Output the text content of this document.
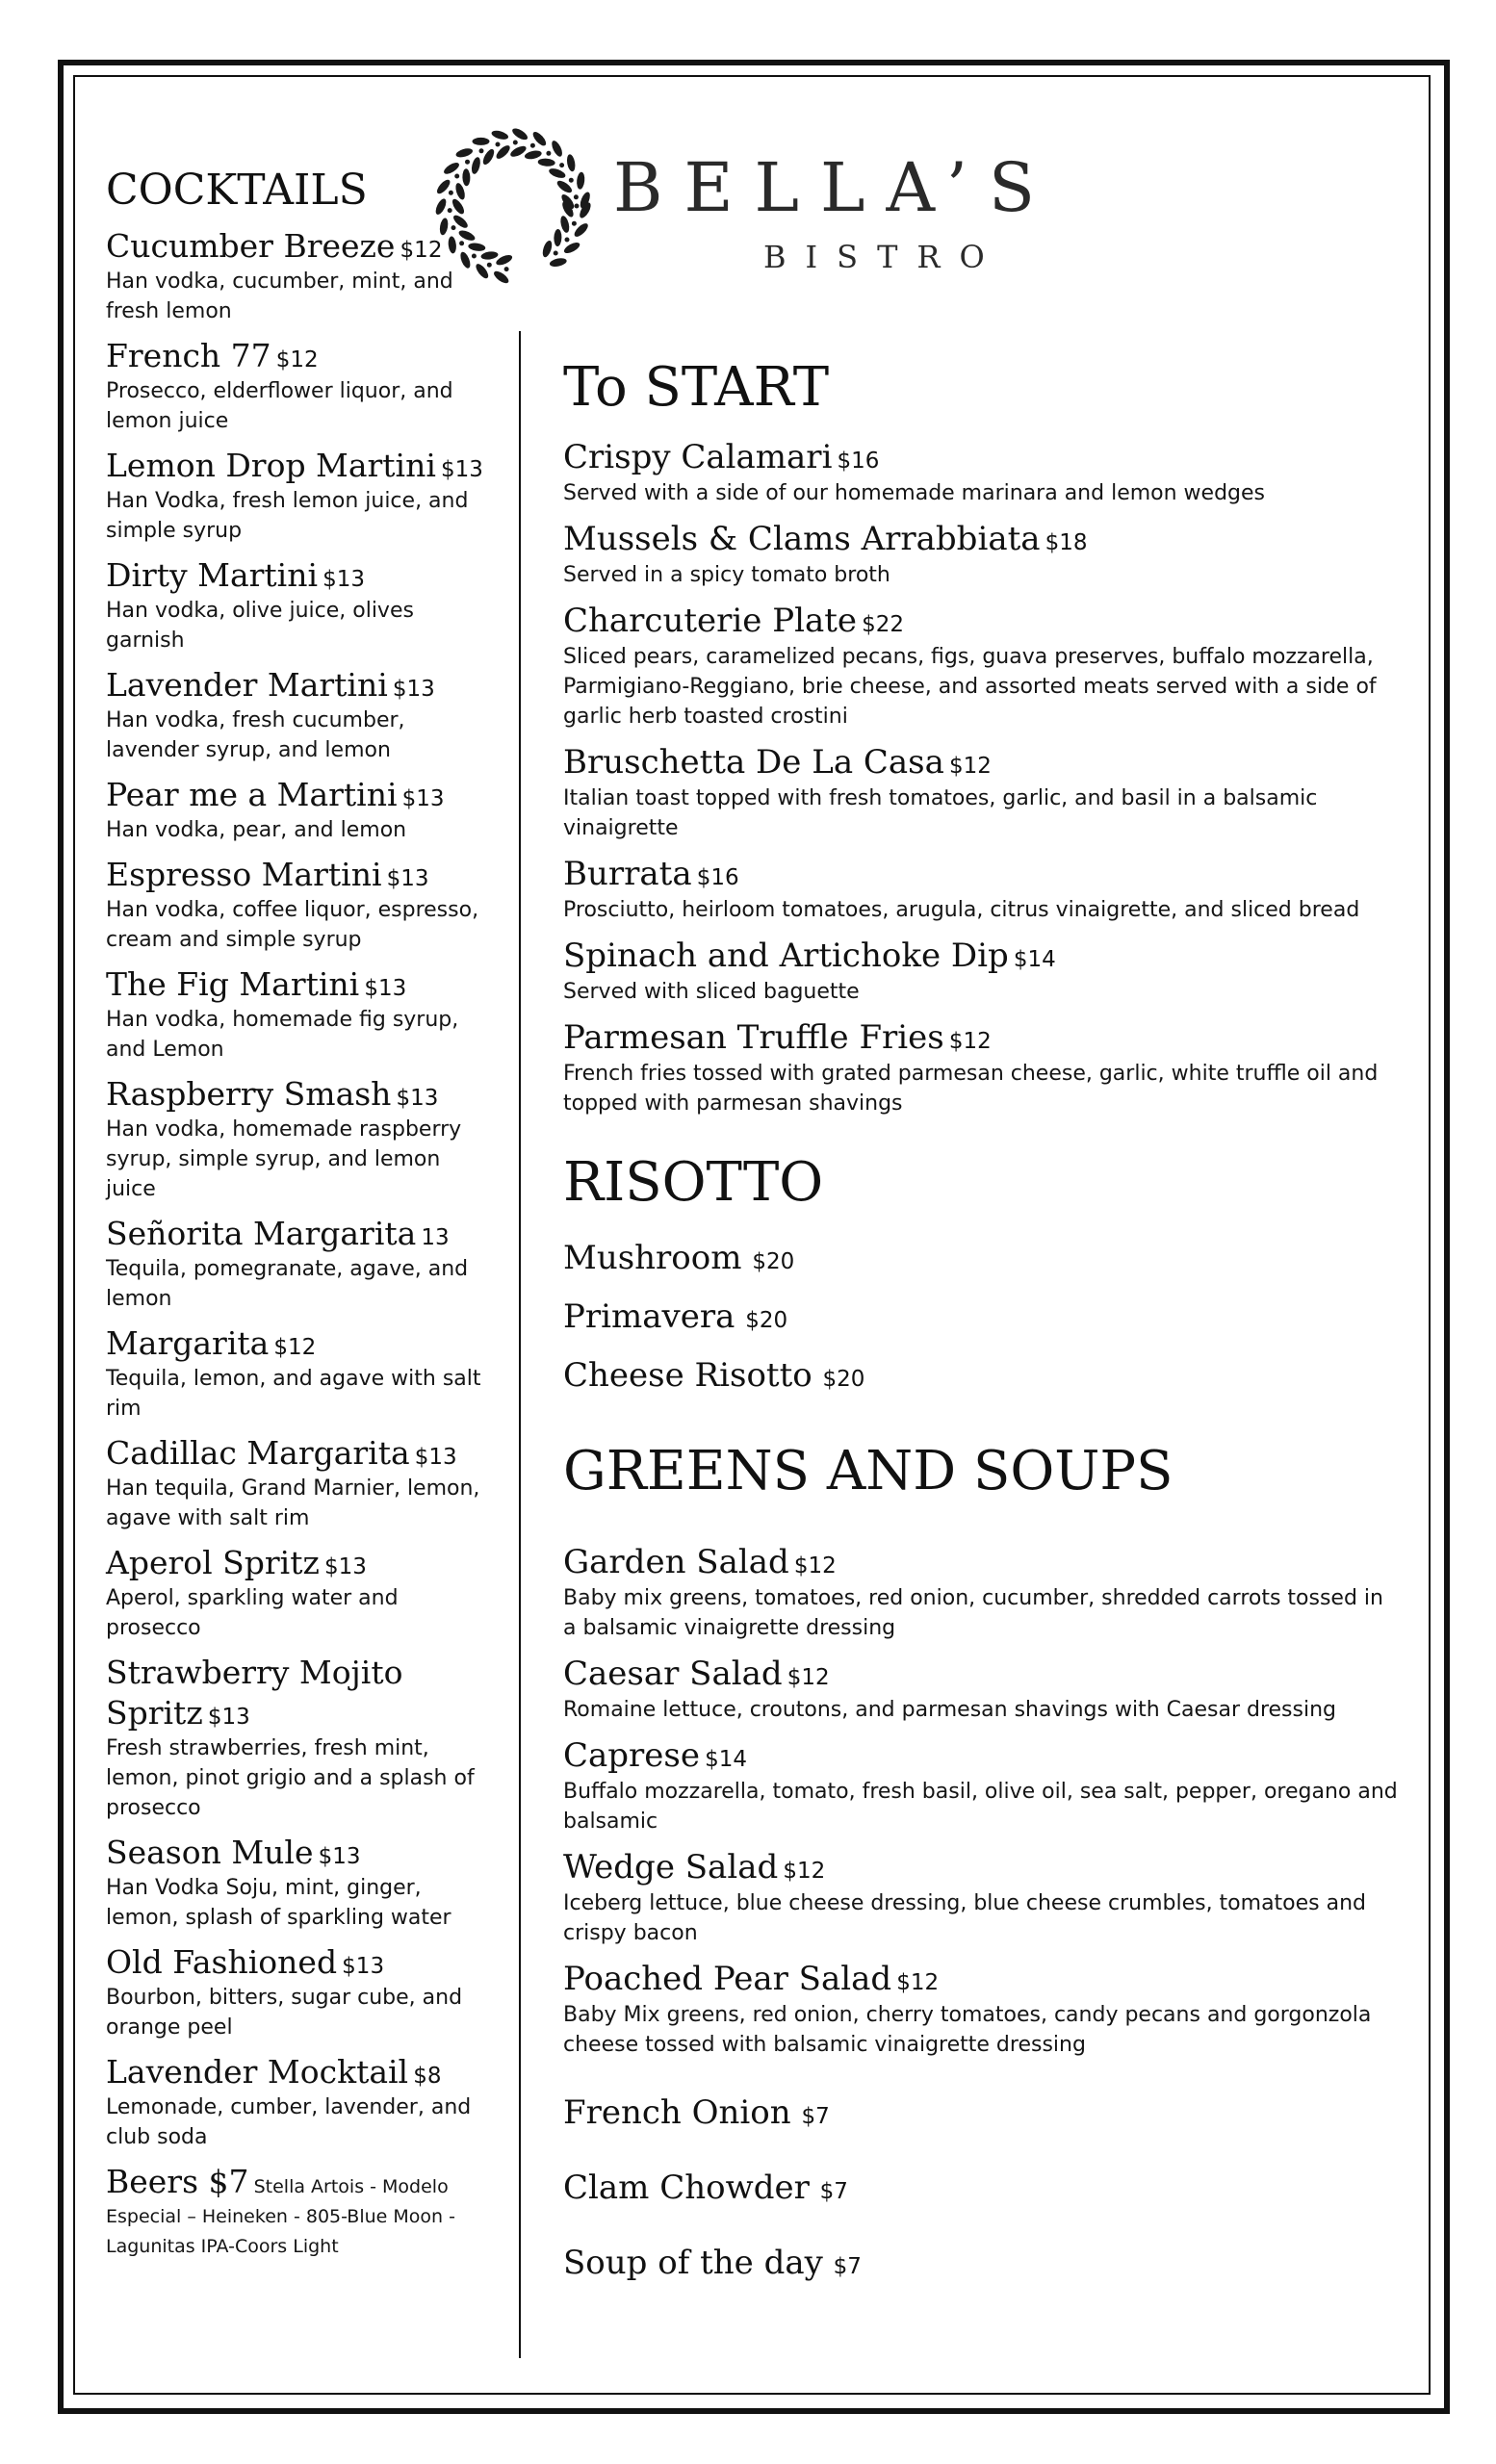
BELLA’S
BISTRO
COCKTAILS
Cucumber Breeze $12
Han vodka, cucumber, mint, and fresh lemon
French 77 $12
Prosecco, elderflower liquor, and lemon juice
Lemon Drop Martini $13
Han Vodka, fresh lemon juice, and simple syrup
Dirty Martini $13
Han vodka, olive juice, olives garnish
Lavender Martini $13
Han vodka, fresh cucumber, lavender syrup, and lemon
Pear me a Martini $13
Han vodka, pear, and lemon
Espresso Martini $13
Han vodka, coffee liquor, espresso, cream and simple syrup
The Fig Martini $13
Han vodka, homemade fig syrup, and Lemon
Raspberry Smash $13
Han vodka, homemade raspberry syrup, simple syrup, and lemon juice
Señorita Margarita 13
Tequila, pomegranate, agave, and lemon
Margarita $12
Tequila, lemon, and agave with salt rim
Cadillac Margarita $13
Han tequila, Grand Marnier, lemon, agave with salt rim
Aperol Spritz $13
Aperol, sparkling water and prosecco
Strawberry Mojito Spritz $13
Fresh strawberries, fresh mint, lemon, pinot grigio and a splash of prosecco
Season Mule $13
Han Vodka Soju, mint, ginger, lemon, splash of sparkling water
Old Fashioned $13
Bourbon, bitters, sugar cube, and orange peel
Lavender Mocktail $8
Lemonade, cumber, lavender, and club soda
Beers $7 Stella Artois - Modelo Especial – Heineken - 805-Blue Moon - Lagunitas IPA-Coors Light
To START
Crispy Calamari $16
Served with a side of our homemade marinara and lemon wedges
Mussels & Clams Arrabbiata $18
Served in a spicy tomato broth
Charcuterie Plate $22
Sliced pears, caramelized pecans, figs, guava preserves, buffalo mozzarella, Parmigiano-Reggiano, brie cheese, and assorted meats served with a side of garlic herb toasted crostini
Bruschetta De La Casa $12
Italian toast topped with fresh tomatoes, garlic, and basil in a balsamic vinaigrette
Burrata $16
Prosciutto, heirloom tomatoes, arugula, citrus vinaigrette, and sliced bread
Spinach and Artichoke Dip $14
Served with sliced baguette
Parmesan Truffle Fries $12
French fries tossed with grated parmesan cheese, garlic, white truffle oil and topped with parmesan shavings
RISOTTO
Mushroom $20
Primavera $20
Cheese Risotto $20
GREENS AND SOUPS
Garden Salad $12
Baby mix greens, tomatoes, red onion, cucumber, shredded carrots tossed in a balsamic vinaigrette dressing
Caesar Salad $12
Romaine lettuce, croutons, and parmesan shavings with Caesar dressing
Caprese $14
Buffalo mozzarella, tomato, fresh basil, olive oil, sea salt, pepper, oregano and balsamic
Wedge Salad $12
Iceberg lettuce, blue cheese dressing, blue cheese crumbles, tomatoes and crispy bacon
Poached Pear Salad $12
Baby Mix greens, red onion, cherry tomatoes, candy pecans and gorgonzola cheese tossed with balsamic vinaigrette dressing
French Onion $7
Clam Chowder $7
Soup of the day $7
